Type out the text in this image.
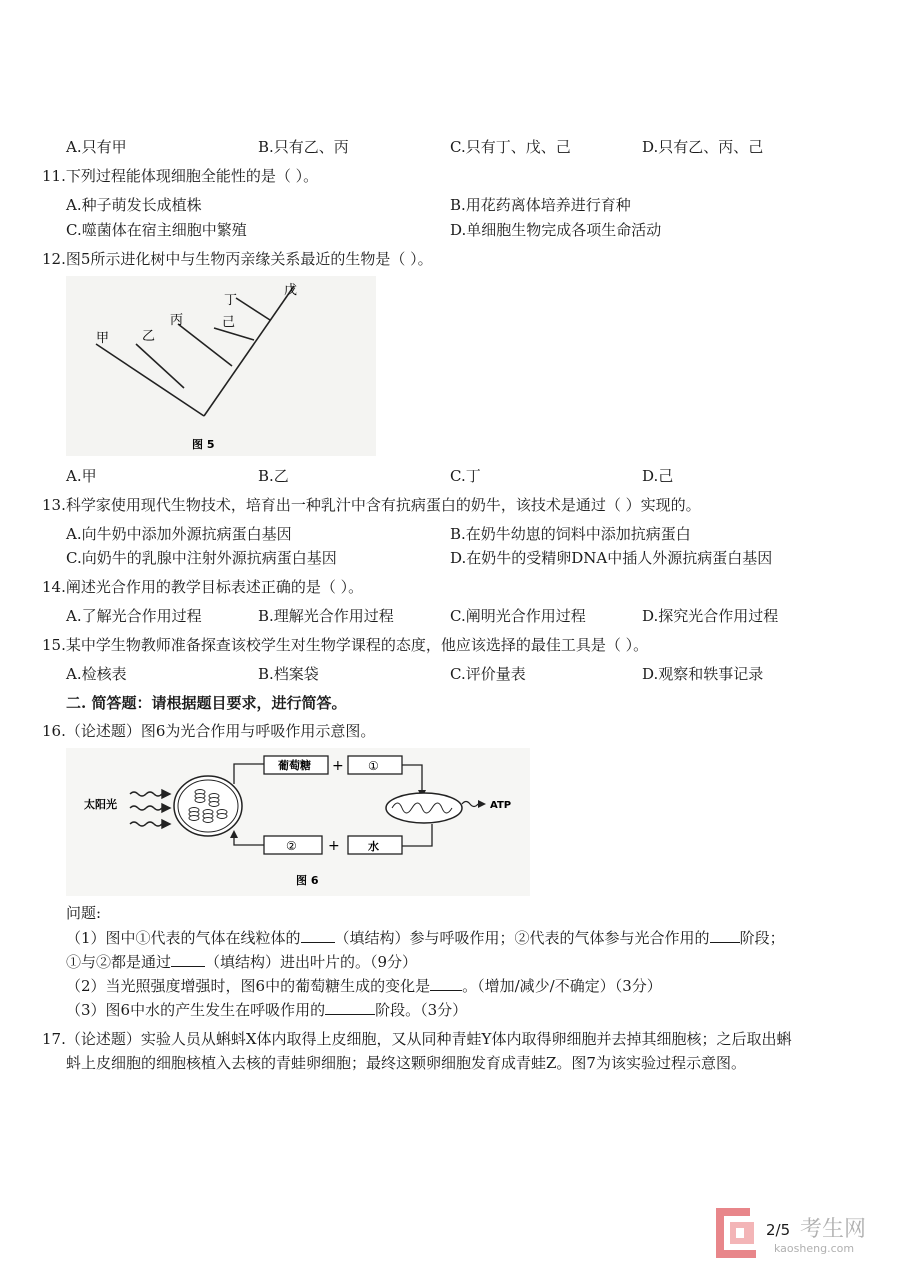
A.只有甲	B.只有乙、丙	C.只有丁、戊、己	D.只有乙、丙、己
11.下列过程能体现细胞全能性的是（ ）。
A.种子萌发长成植株	B.用花药离体培养进行育种
C.噬菌体在宿主细胞中繁殖	D.单细胞生物完成各项生命活动
12.图5所示进化树中与生物丙亲缘关系最近的生物是（ ）。
甲	乙
丙	己
丁
戊
图 5
A.甲	B.乙	C.丁	D.己
13.科学家使用现代生物技术，培育出一种乳汁中含有抗病蛋白的奶牛，该技术是通过（ ）实现的。
A.向牛奶中添加外源抗病蛋白基因	B.在奶牛幼崽的饲料中添加抗病蛋白
C.向奶牛的乳腺中注射外源抗病蛋白基因	D.在奶牛的受精卵DNA中插人外源抗病蛋白基因
14.阐述光合作用的教学目标表述正确的是（ ）。
A.了解光合作用过程	B.理解光合作用过程	C.阐明光合作用过程	D.探究光合作用过程
15.某中学生物教师准备探查该校学生对生物学课程的态度，他应该选择的最佳工具是（ ）。
A.检核表	B.档案袋	C.评价量表	D.观察和轶事记录
二. 简答题：请根据题目要求，进行简答。
16.（论述题）图6为光合作用与呼吸作用示意图。
太阳光
葡萄糖 + ①
ATP
水
+
②
图 6
问题:
（1）图中①代表的气体在线粒体的 （填结构）参与呼吸作用；②代表的气体参与光合作用的 阶段；
①与②都是通过 （填结构）进出叶片的。（9分）
（2）当光照强度增强时，图6中的葡萄糖生成的变化是 。（增加/减少/不确定）（3分）
（3）图6中水的产生发生在呼吸作用的	阶段。（3分）
17.（论述题）实验人员从蝌蚪X体内取得上皮细胞，又从同种青蛙Y体内取得卵细胞并去掉其细胞核；之后取出蝌
蚪上皮细胞的细胞核植入去核的青蛙卵细胞；最终这颗卵细胞发育成青蛙Z。图7为该实验过程示意图。
2/5 考生网
kaosheng.com
